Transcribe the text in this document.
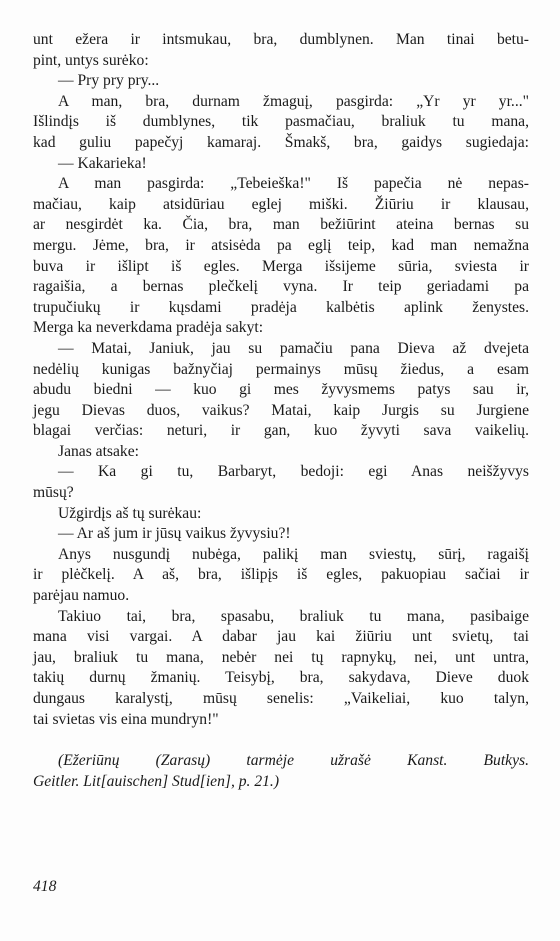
unt ežera ir intsmukau, bra, dumblynen. Man tinai betu-
pint, untys surėko:
— Pry pry pry...
A man, bra, durnam žmaguį, pasgirda: „Yr yr yr..."
Išlindįs iš dumblynes, tik pasmačiau, braliuk tu mana,
kad guliu papečyj kamaraj. Šmakš, bra, gaidys sugiedaja:
— Kakarieka!
A man pasgirda: „Tebeieška!" Iš papečia nė nepas-
mačiau, kaip atsidūriau eglej miški. Žiūriu ir klausau,
ar nesgirdėt ka. Čia, bra, man bežiūrint ateina bernas su
mergu. Jėme, bra, ir atsisėda pa eglį teip, kad man nemažna
buva ir išlipt iš egles. Merga išsijeme sūria, sviesta ir
ragaišia, a bernas plečkelį vyna. Ir teip geriadami pa
trupučiukų ir kųsdami pradėja kalbėtis aplink ženystes.
Merga ka neverkdama pradėja sakyt:
— Matai, Janiuk, jau su pamačiu pana Dieva až dvejeta
nedėlių kunigas bažnyčiaj permainys mūsų žiedus, a esam
abudu biedni — kuo gi mes žyvysmems patys sau ir,
jegu Dievas duos, vaikus? Matai, kaip Jurgis su Jurgiene
blagai verčias: neturi, ir gan, kuo žyvyti sava vaikelių.
Janas atsake:
— Ka gi tu, Barbaryt, bedoji: egi Anas neišžyvys
mūsų?
Užgirdįs aš tų surėkau:
— Ar aš jum ir jūsų vaikus žyvysiu?!
Anys nusgundį nubėga, palikį man sviestų, sūrį, ragaišį
ir plėčkelį. A aš, bra, išlipįs iš egles, pakuopiau sačiai ir
parėjau namuo.
Takiuo tai, bra, spasabu, braliuk tu mana, pasibaige
mana visi vargai. A dabar jau kai žiūriu unt svietų, tai
jau, braliuk tu mana, nebėr nei tų rapnykų, nei, unt untra,
takių durnų žmanių. Teisybį, bra, sakydava, Dieve duok
dungaus karalystį, mūsų senelis: „Vaikeliai, kuo talyn,
tai svietas vis eina mundryn!"
(Ežeriūnų (Zarasų) tarmėje užrašė Kanst. Butkys.
Geitler. Lit[auischen] Stud[ien], p. 21.)
418
